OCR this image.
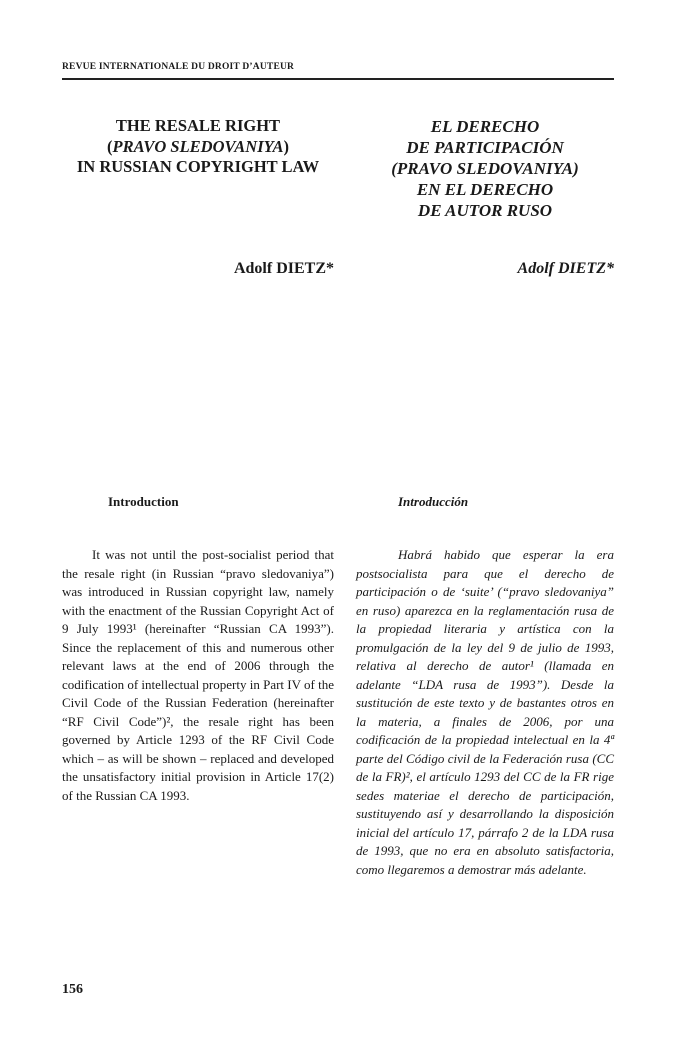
REVUE INTERNATIONALE DU DROIT D’AUTEUR
THE RESALE RIGHT
(PRAVO SLEDOVANIYA)
IN RUSSIAN COPYRIGHT LAW
EL DERECHO
DE PARTICIPACIÓN
(PRAVO SLEDOVANIYA)
EN EL DERECHO
DE AUTOR RUSO
Adolf DIETZ*	Adolf DIETZ*
Introduction	Introducción

It was not until the post-socialist period that the resale right (in Russian “pravo sledovaniya”) was introduced in Russian copyright law, namely with the enactment of the Russian Copyright Act of 9 July 1993¹ (hereinafter “Russian CA 1993”). Since the replacement of this and numerous other relevant laws at the end of 2006 through the codification of intellectual property in Part IV of the Civil Code of the Russian Federation (hereinafter “RF Civil Code”)², the resale right has been governed by Article 1293 of the RF Civil Code which – as will be shown – replaced and developed the unsatisfactory initial provision in Article 17(2) of the Russian CA 1993.

Habrá habido que esperar la era postsocialista para que el derecho de participación o de ‘suite’ (“pravo sledovaniya” en ruso) aparezca en la reglamentación rusa de la propiedad literaria y artística con la promulgación de la ley del 9 de julio de 1993, relativa al derecho de autor¹ (llamada en adelante “LDA rusa de 1993”). Desde la sustitución de este texto y de bastantes otros en la materia, a finales de 2006, por una codificación de la propiedad intelectual en la 4ª parte del Código civil de la Federación rusa (CC de la FR)², el artículo 1293 del CC de la FR rige sedes materiae el derecho de participación, sustituyendo así y desarrollando la disposición inicial del artículo 17, párrafo 2 de la LDA rusa de 1993, que no era en absoluto satisfactoria, como llegaremos a demostrar más adelante.

156
